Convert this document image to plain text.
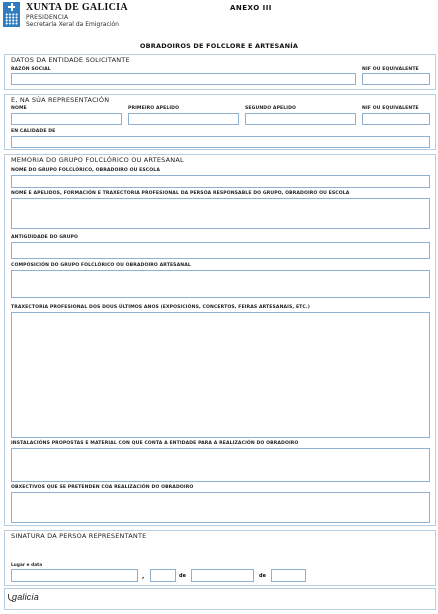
XUNTA DE GALICIA
PRESIDENCIA
Secretaría Xeral da Emigración
ANEXO III
OBRADOIROS DE FOLCLORE E ARTESANÍA
DATOS DA ENTIDADE SOLICITANTE
RAZÓN SOCIAL	NIF OU EQUIVALENTE
E, NA SÚA REPRESENTACIÓN
NOME	PRIMEIRO APELIDO	SEGUNDO APELIDO	NIF OU EQUIVALENTE
EN CALIDADE DE
MEMORIA DO GRUPO FOLCLÓRICO OU ARTESANAL
NOME DO GRUPO FOLCLÓRICO, OBRADOIRO OU ESCOLA
NOME E APELIDOS, FORMACIÓN E TRAXECTORIA PROFESIONAL DA PERSOA RESPONSABLE DO GRUPO, OBRADOIRO OU ESCOLA
ANTIGÜIDADE DO GRUPO
COMPOSICIÓN DO GRUPO FOLCLÓRICO OU OBRADOIRO ARTESANAL
TRAXECTORIA PROFESIONAL DOS DOUS ÚLTIMOS ANOS (EXPOSICIÓNS, CONCERTOS, FEIRAS ARTESANAIS, ETC.)
INSTALACIÓNS PROPOSTAS E MATERIAL CON QUE CONTA A ENTIDADE PARA A REALIZACIÓN DO OBRADOIRO
OBXECTIVOS QUE SE PRETENDEN COA REALIZACIÓN DO OBRADOIRO
SINATURA DA PERSOA REPRESENTANTE
Lugar e data
,	de	de
galicia
